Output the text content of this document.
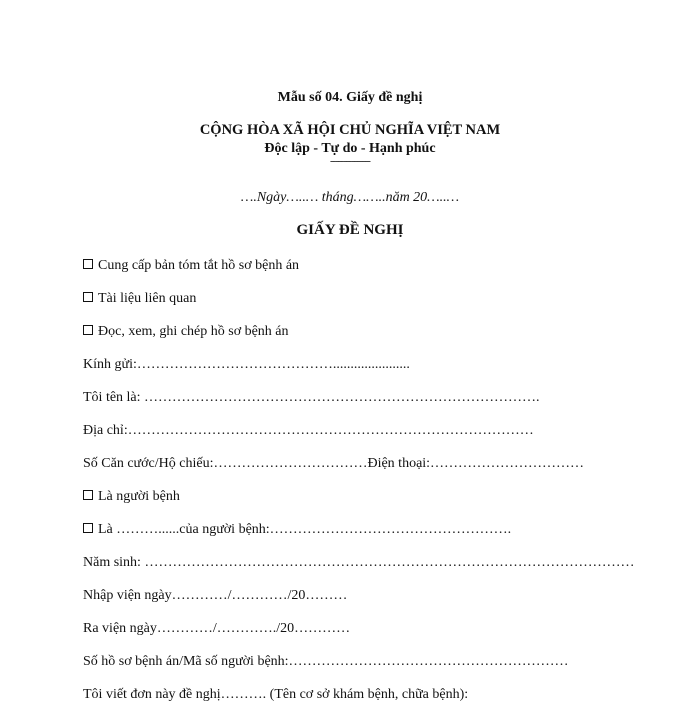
Mẫu số 04. Giấy đề nghị
CỘNG HÒA XÃ HỘI CHỦ NGHĨA VIỆT NAM
Độc lập - Tự do - Hạnh phúc
---------------
….Ngày…..… tháng……..năm 20…..…
GIẤY ĐỀ NGHỊ
Cung cấp bản tóm tắt hồ sơ bệnh án
Tài liệu liên quan
Đọc, xem, ghi chép hồ sơ bệnh án
Kính gửi:……………………………………......................
Tôi tên là: ………………………………………………………………………….
Địa chỉ:……………………………………………………………………………
Số Căn cước/Hộ chiếu:……………………………Điện thoại:……………………………
Là người bệnh
Là ………......của người bệnh:…………………………………………….
Năm sinh: ……………………………………………………………………………………………
Nhập viện ngày…………/…………/20………
Ra viện ngày…………/…………./20…………
Số hồ sơ bệnh án/Mã số người bệnh:……………………………………………………
Tôi viết đơn này đề nghị………. (Tên cơ sở khám bệnh, chữa bệnh):
